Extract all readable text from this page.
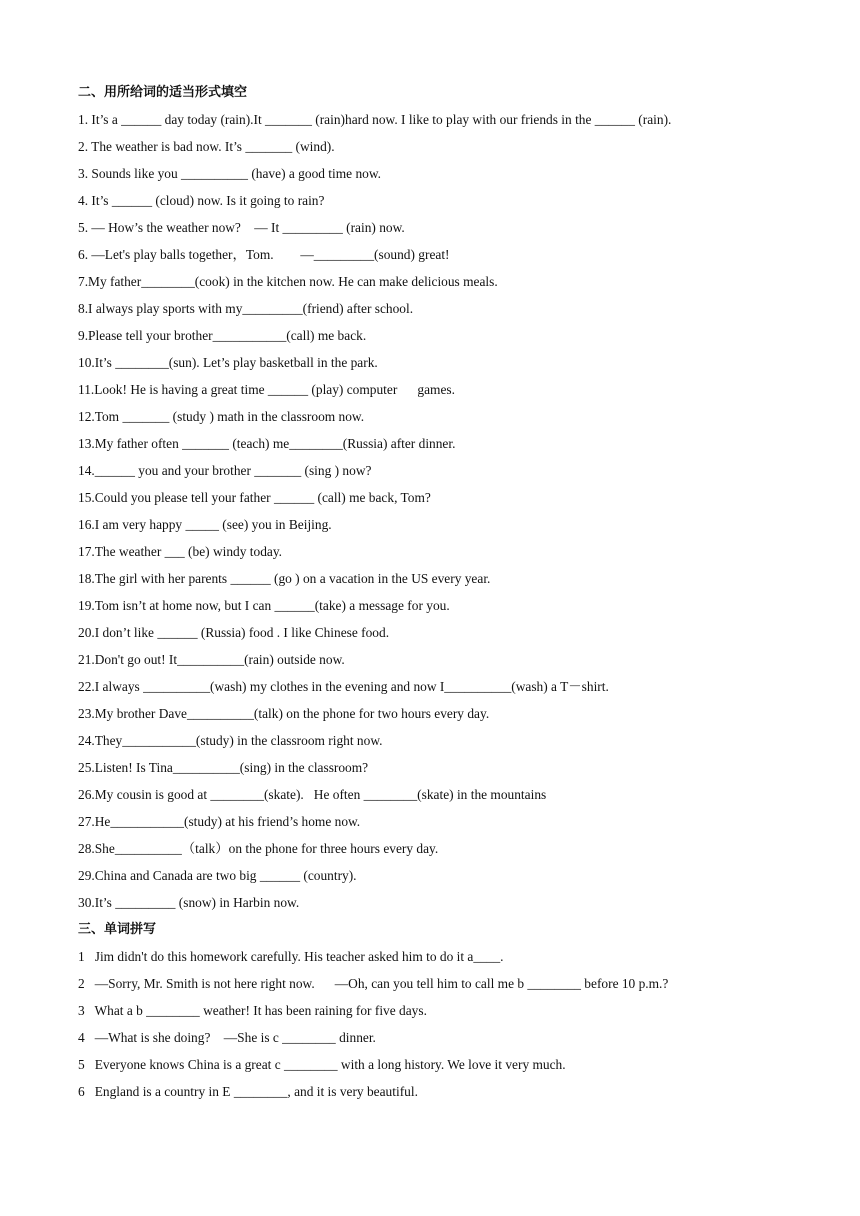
二、用所给词的适当形式填空
1. It’s a ______ day today (rain).It _______ (rain)hard now. I like to play with our friends in the ______ (rain).
2. The weather is bad now. It’s _______ (wind).
3. Sounds like you __________ (have) a good time now.
4. It’s ______ (cloud) now. Is it going to rain?
5. — How’s the weather now?    — It _________ (rain) now.
6. —Let's play balls together，Tom.        —_________(sound) great!
7.My father________(cook) in the kitchen now. He can make delicious meals.
8.I always play sports with my_________(friend) after school.
9.Please tell your brother___________(call) me back.
10.It’s ________(sun). Let’s play basketball in the park.
11.Look! He is having a great time ______ (play) computer      games.
12.Tom _______ (study ) math in the classroom now.
13.My father often _______ (teach) me________(Russia) after dinner.
14.______ you and your brother _______ (sing ) now?
15.Could you please tell your father ______ (call) me back, Tom?
16.I am very happy _____ (see) you in Beijing.
17.The weather ___ (be) windy today.
18.The girl with her parents ______ (go ) on a vacation in the US every year.
19.Tom isn’t at home now, but I can ______(take) a message for you.
20.I don’t like ______ (Russia) food . I like Chinese food.
21.Don't go out! It__________(rain) outside now.
22.I always __________(wash) my clothes in the evening and now I__________(wash) a T－shirt.
23.My brother Dave__________(talk) on the phone for two hours every day.
24.They___________(study) in the classroom right now.
25.Listen! Is Tina__________(sing) in the classroom?
26.My cousin is good at ________(skate).   He often ________(skate) in the mountains
27.He___________(study) at his friend’s home now.
28.She__________（talk）on the phone for three hours every day.
29.China and Canada are two big ______ (country).
30.It’s _________ (snow) in Harbin now.
三、单词拼写
1   Jim didn't do this homework carefully. His teacher asked him to do it a____.
2   —Sorry, Mr. Smith is not here right now.      —Oh, can you tell him to call me b ________ before 10 p.m.?
3   What a b ________ weather! It has been raining for five days.
4   —What is she doing?    —She is c ________ dinner.
5   Everyone knows China is a great c ________ with a long history. We love it very much.
6   England is a country in E ________, and it is very beautiful.
